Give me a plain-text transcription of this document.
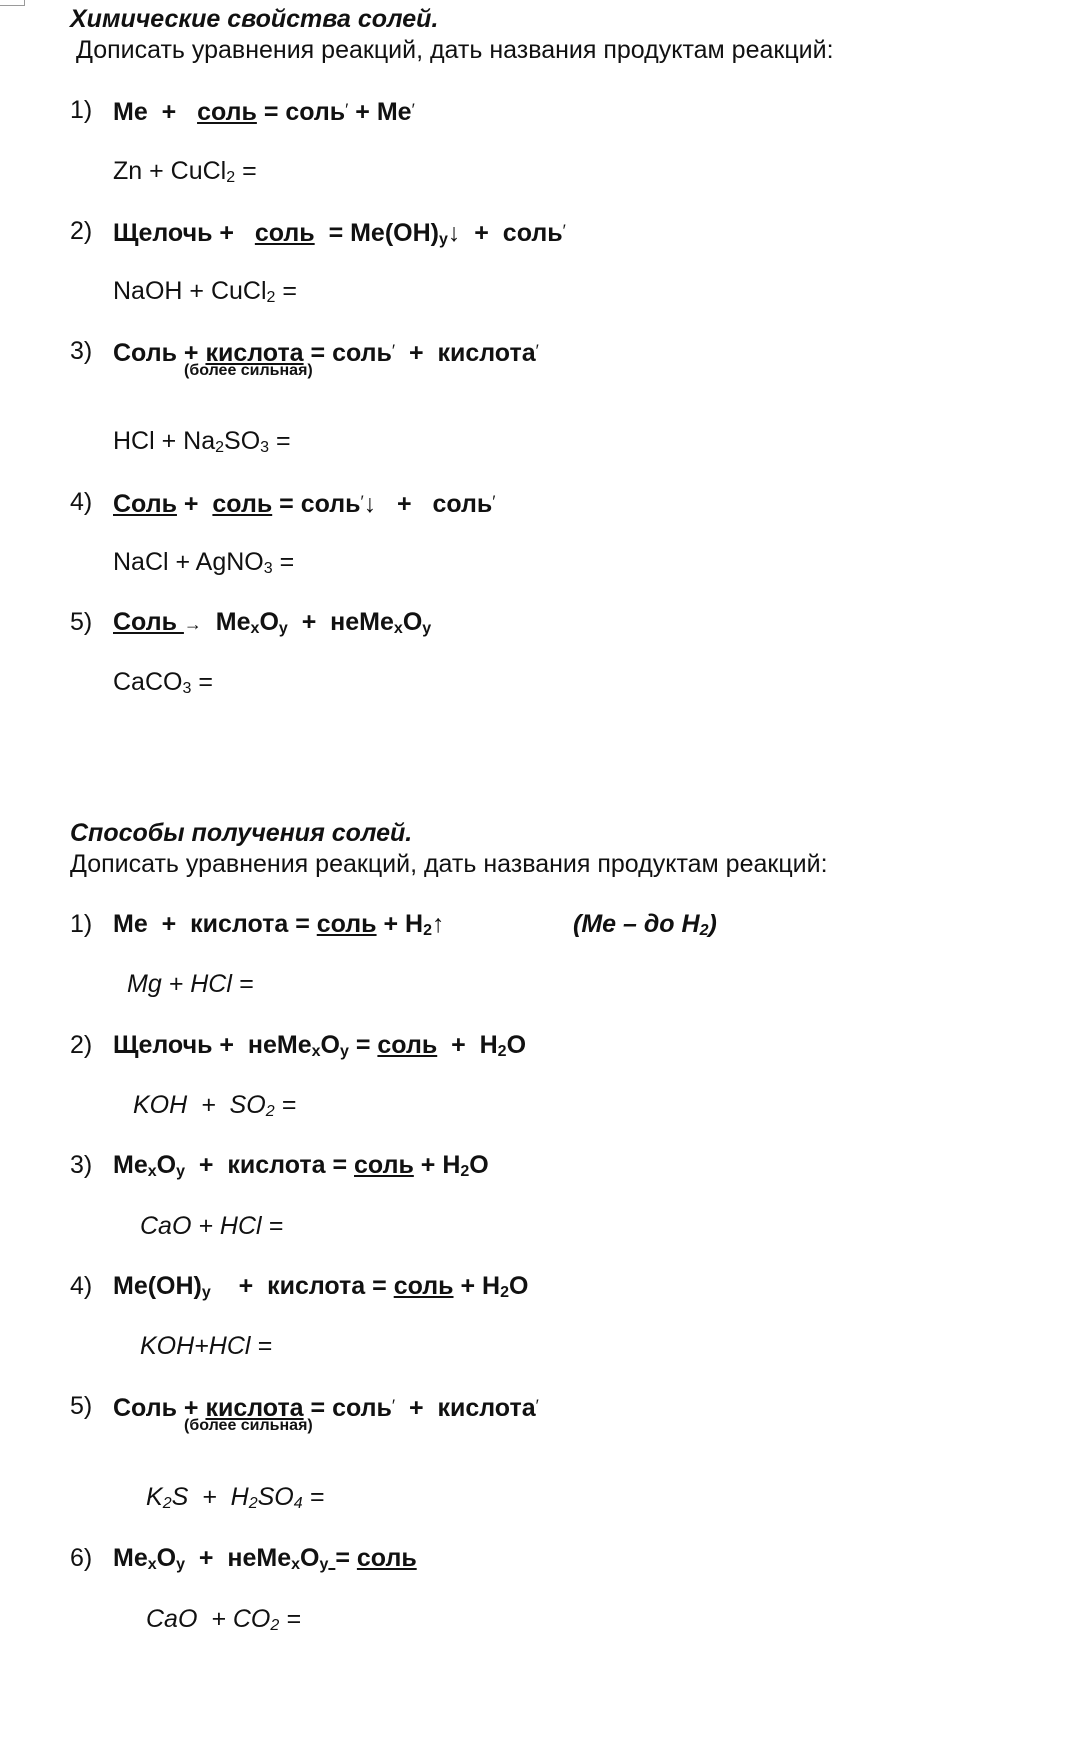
Химические свойства солей.
Дописать уравнения реакций, дать названия продуктам реакций:
1) Me  +   соль = соль′ + Me′
Zn + CuCl$_2$ =
2) Щелочь +   соль  = $Me(OH)_y↓$  +  соль′
NaOH + CuCl$_2$ =
3) Соль + кислота = соль′  +  кислота′
(более сильная)
HCl + $Na_2SO_3$ =
4) Соль +  соль = соль′↓   +   соль′
NaCl + AgNO$_3$ =
5) Соль →  $Me_xO_y$  +  $неMe_xO_y$
CaCO$_3$ =
Способы получения солей.
Дописать уравнения реакций, дать названия продуктам реакций:
1) Me  +  кислота = соль + $H_2↑$	(Me – до $H_2$)
Mg + HCl =
2) Щелочь +  $неMe_xO_y$ = соль  +  $H_2O$
KOH  +  $SO_2$ =
3) $Me_xO_y$  +  кислота = соль + $H_2O$
CaO + HCl =
4) $Me(OH)_y$    +  кислота = соль + $H_2O$
KOH+HCl =
5) Соль + кислота = соль′  +  кислота′
(более сильная)
$K_2S + H_2SO_4$ =
6) $Me_xO_y$  +  $неMe_xO_y$ = соль
CaO  + $CO_2$ =
